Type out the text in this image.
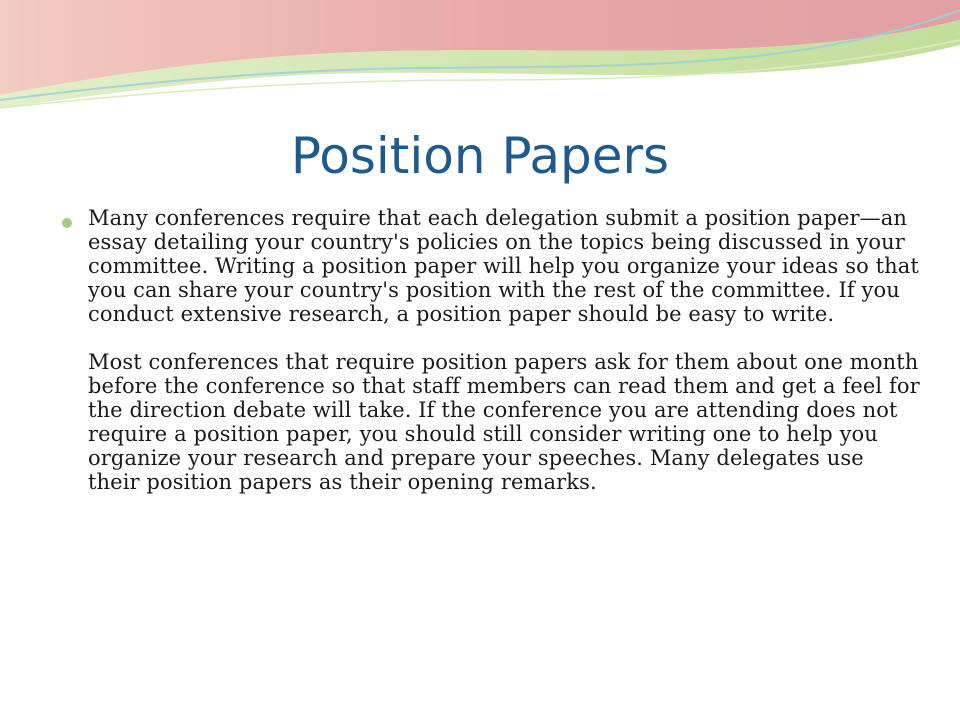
Position Papers

Many conferences require that each delegation submit a position paper—an essay detailing your country's policies on the topics being discussed in your committee. Writing a position paper will help you organize your ideas so that you can share your country's position with the rest of the committee. If you conduct extensive research, a position paper should be easy to write.

Most conferences that require position papers ask for them about one month before the conference so that staff members can read them and get a feel for the direction debate will take. If the conference you are attending does not require a position paper, you should still consider writing one to help you organize your research and prepare your speeches. Many delegates use their position papers as their opening remarks.
